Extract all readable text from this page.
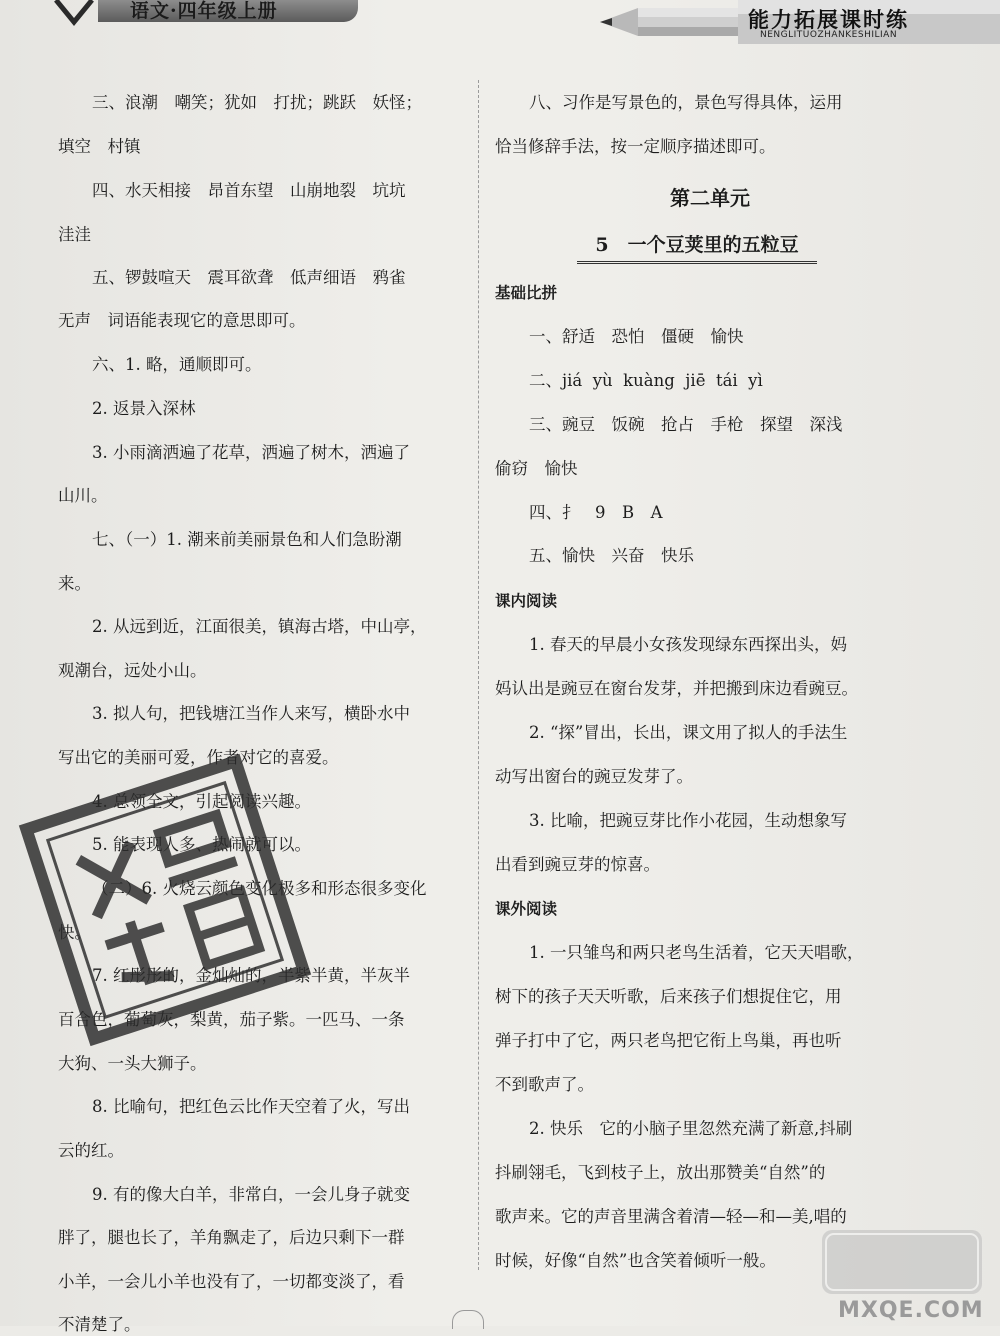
语文·四年级上册	能力拓展课时练
NENGLITUOZHANKESHILIAN
三、浪潮　嘲笑；犹如　打扰；跳跃　妖怪；
填空　村镇
四、水天相接　昂首东望　山崩地裂　坑坑
洼洼
五、锣鼓喧天　震耳欲聋　低声细语　鸦雀
无声　词语能表现它的意思即可。
六、1. 略，通顺即可。
2. 返景入深林
3. 小雨滴洒遍了花草，洒遍了树木，洒遍了
山川。
七、（一）1. 潮来前美丽景色和人们急盼潮
来。
2. 从远到近，江面很美，镇海古塔，中山亭，
观潮台，远处小山。
3. 拟人句，把钱塘江当作人来写，横卧水中
写出它的美丽可爱，作者对它的喜爱。
4. 总领全文，引起阅读兴趣。
5. 能表现人多、热闹就可以。
（二）6. 火烧云颜色变化极多和形态很多变化
快。
7. 红彤彤的，金灿灿的，半紫半黄，半灰半
百合色，葡萄灰，梨黄，茄子紫。一匹马、一条
大狗、一头大狮子。
8. 比喻句，把红色云比作天空着了火，写出
云的红。
9. 有的像大白羊，非常白，一会儿身子就变
胖了，腿也长了，羊角飘走了，后边只剩下一群
小羊，一会儿小羊也没有了，一切都变淡了，看
不清楚了。
八、习作是写景色的，景色写得具体，运用
恰当修辞手法，按一定顺序描述即可。
第二单元
5　一个豆荚里的五粒豆
基础比拼
一、舒适　恐怕　僵硬　愉快
二、jiá  yù  kuàng  jiē  tái  yì
三、豌豆　饭碗　抢占　手枪　探望　深浅
偷窃　愉快
四、扌　9　B　A
五、愉快　兴奋　快乐
课内阅读
1. 春天的早晨小女孩发现绿东西探出头，妈
妈认出是豌豆在窗台发芽，并把搬到床边看豌豆。
2. “探”冒出，长出，课文用了拟人的手法生
动写出窗台的豌豆发芽了。
3. 比喻，把豌豆芽比作小花园，生动想象写
出看到豌豆芽的惊喜。
课外阅读
1. 一只雏鸟和两只老鸟生活着，它天天唱歌，
树下的孩子天天听歌，后来孩子们想捉住它，用
弹子打中了它，两只老鸟把它衔上鸟巢，再也听
不到歌声了。
2. 快乐　它的小脑子里忽然充满了新意,抖刷
抖刷翎毛，飞到枝子上，放出那赞美“自然”的
歌声来。它的声音里满含着清—轻—和—美,唱的
时候，好像“自然”也含笑着倾听一般。
MXQE.COM
